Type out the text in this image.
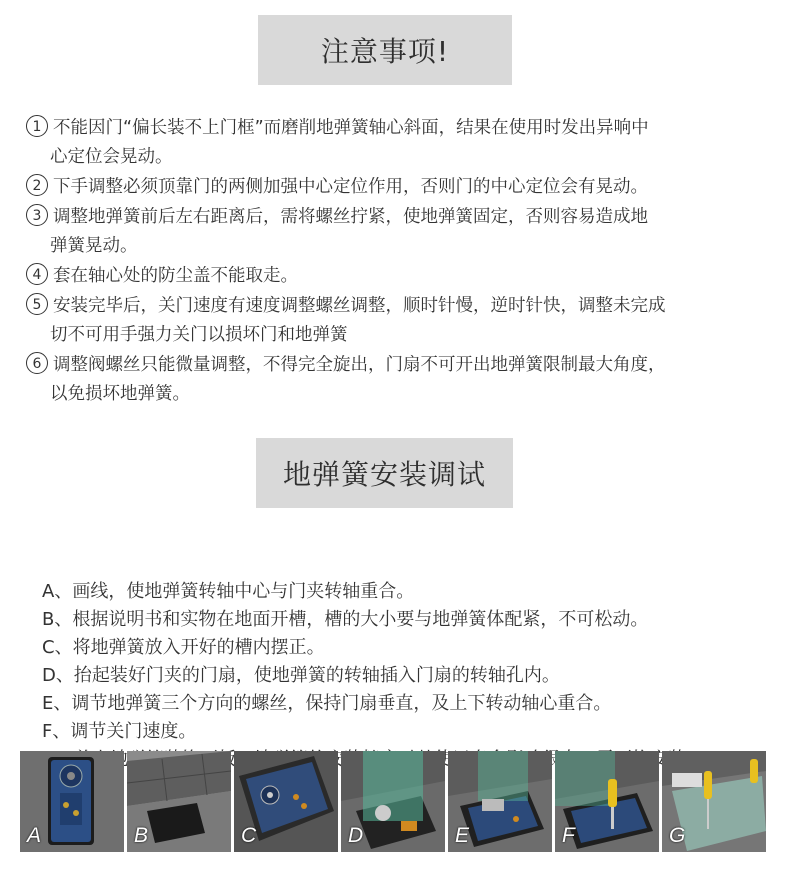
注意事项!
1 不能因门“偏长装不上门框”而磨削地弹簧轴心斜面，结果在使用时发出异响中
心定位会晃动。
2 下手调整必须顶靠门的两侧加强中心定位作用，否则门的中心定位会有晃动。
3 调整地弹簧前后左右距离后，需将螺丝拧紧，使地弹簧固定，否则容易造成地
弹簧晃动。
4 套在轴心处的防尘盖不能取走。
5 安装完毕后，关门速度有速度调整螺丝调整，顺时针慢，逆时针快，调整未完成
切不可用手强力关门以损坏门和地弹簧
6 调整阀螺丝只能微量调整，不得完全旋出，门扇不可开出地弹簧限制最大角度，
以免损坏地弹簧。
地弹簧安装调试
A、画线，使地弹簧转轴中心与门夹转轴重合。
B、根据说明书和实物在地面开槽，槽的大小要与地弹簧体配紧，不可松动。
C、将地弹簧放入开好的槽内摆正。
D、抬起装好门夹的门扇，使地弹簧的转轴插入门扇的转轴孔内。
E、调节地弹簧三个方向的螺丝，保持门扇垂直，及上下转动轴心重合。
F、调节关门速度。
A	B	C	D	E	F	G
